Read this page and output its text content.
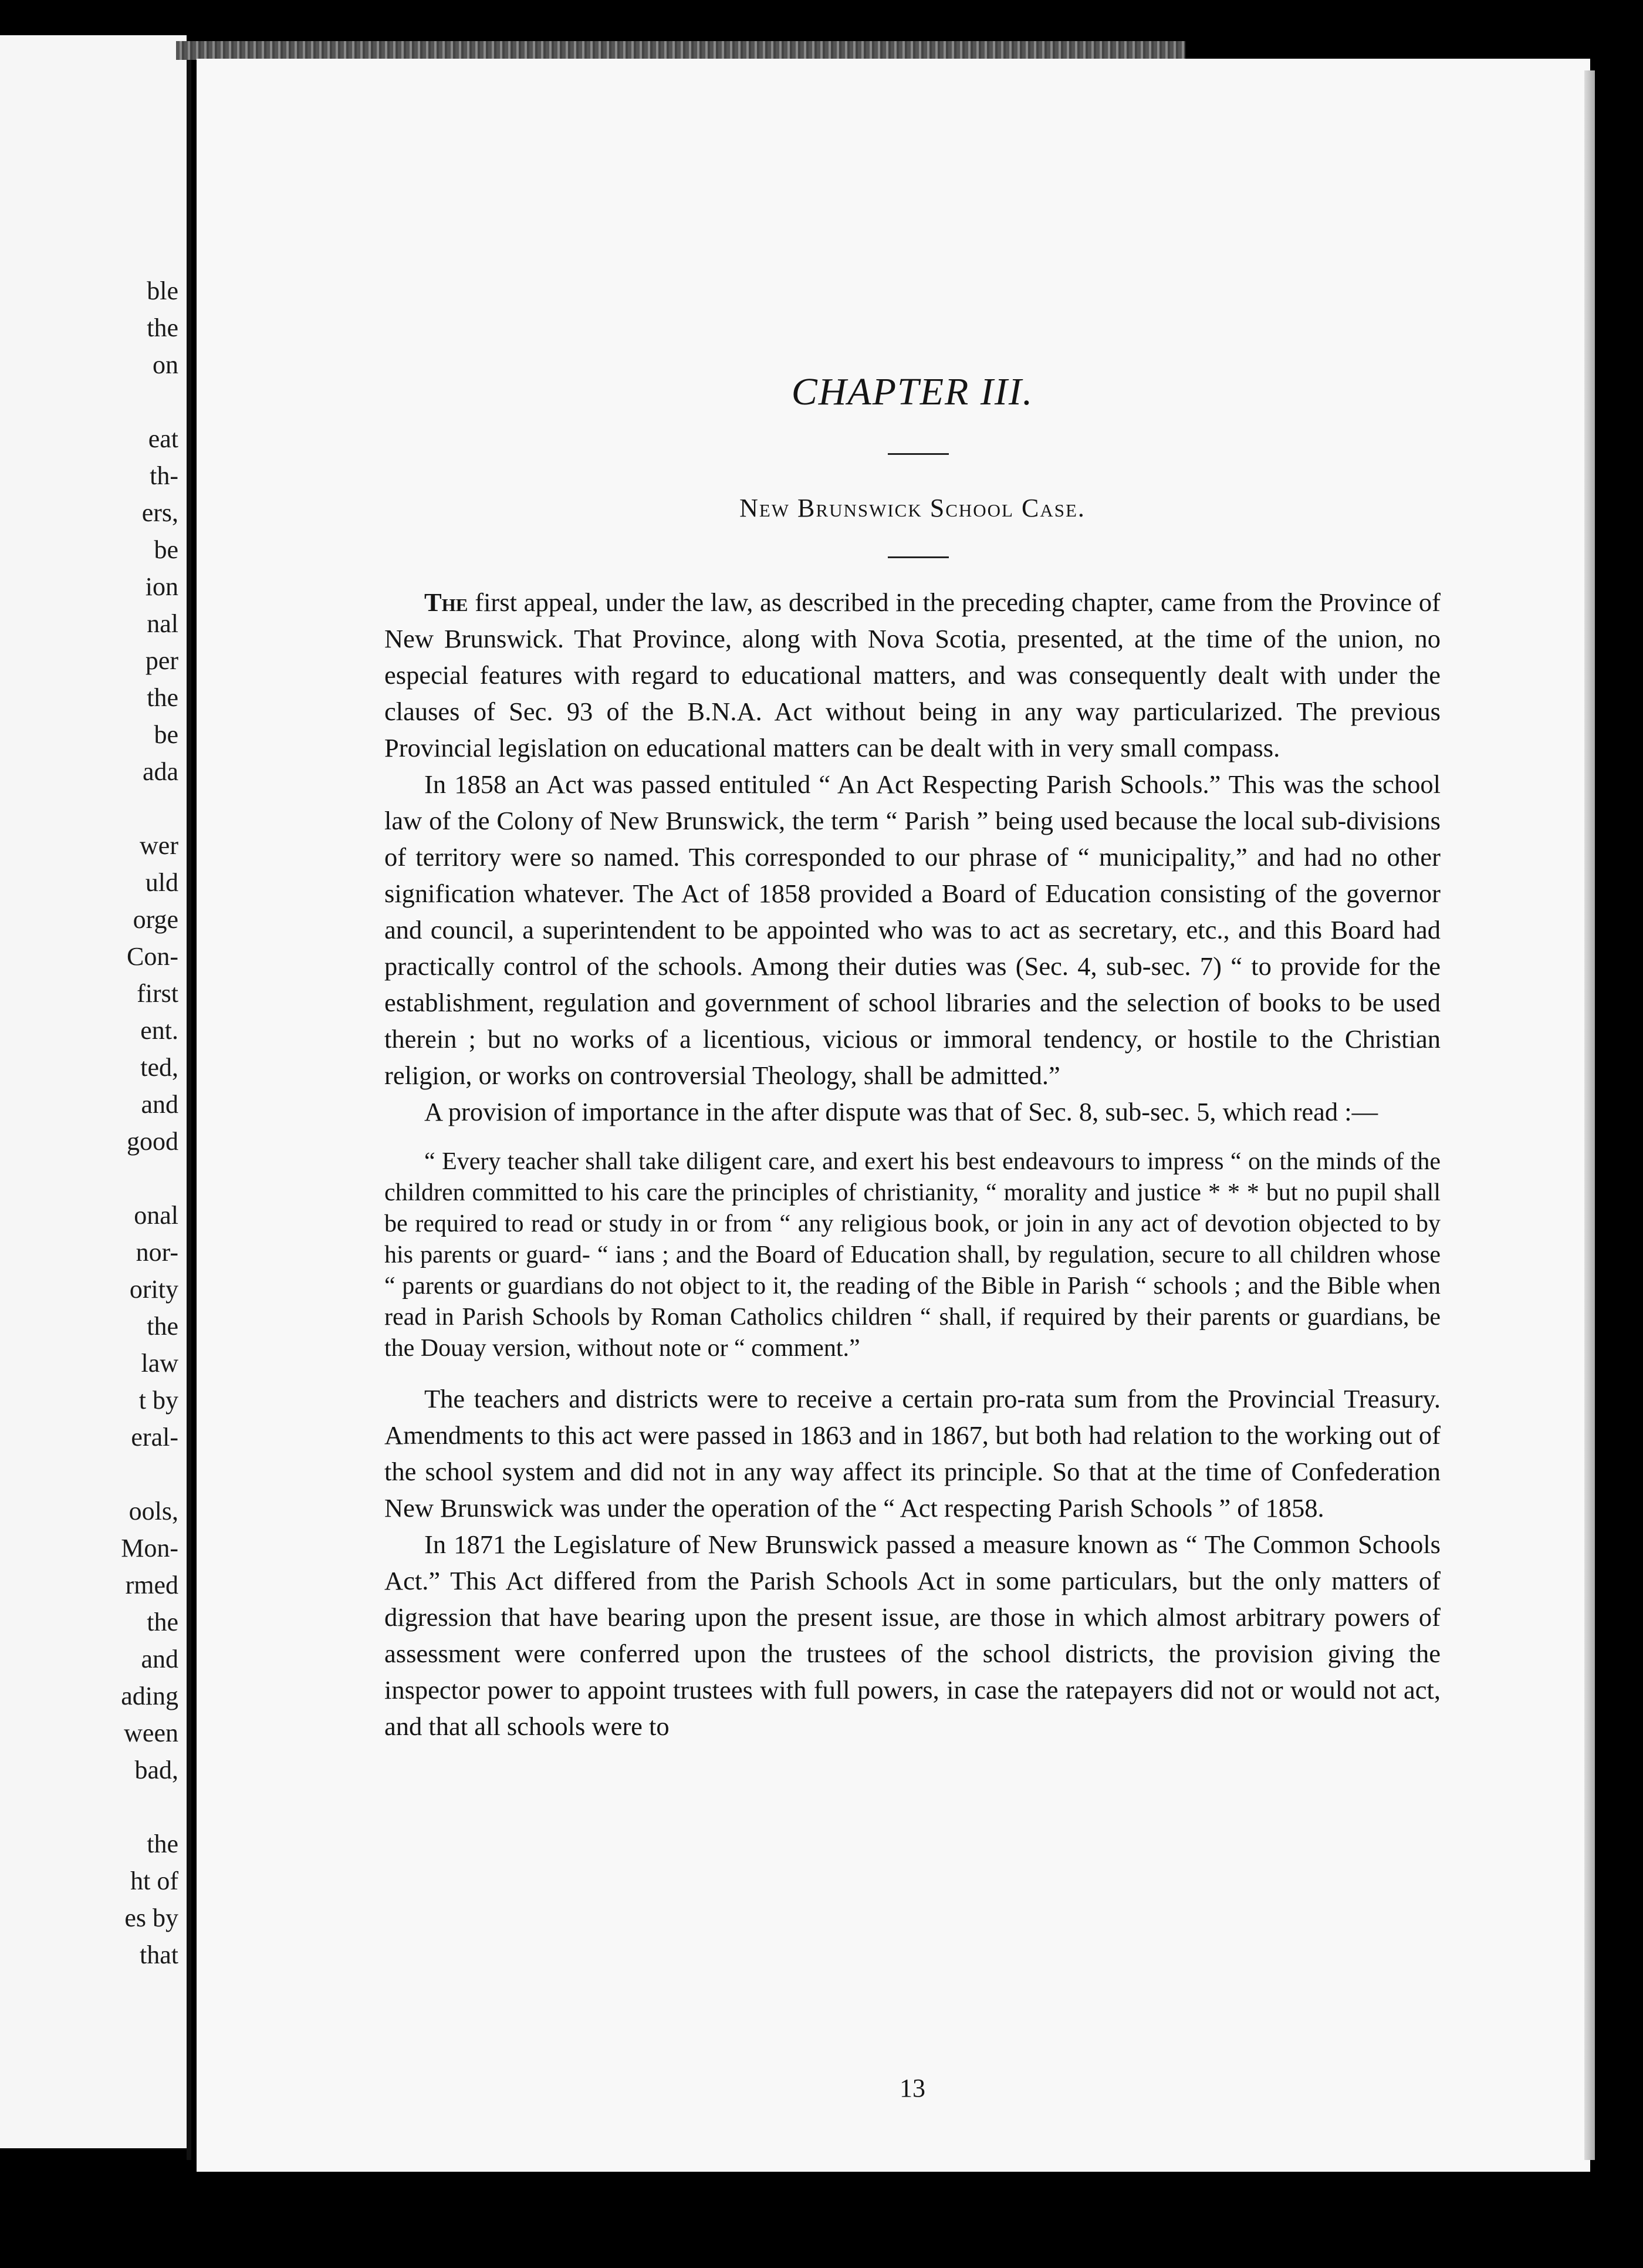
ble
the
on
eat
th-
ers,
be
ion
nal
per
the
be
ada
wer
uld
orge
Con-
first
ent.
ted,
and
good
onal
nor-
ority
the
law
t by
eral-
ools,
Mon-
rmed
the
and
ading
ween
bad,
the
ht of
es by
that
CHAPTER III.
New Brunswick School Case.

The first appeal, under the law, as described in the preceding chapter, came from the Province of New Brunswick. That Province, along with Nova Scotia, presented, at the time of the union, no especial features with regard to educational matters, and was consequently dealt with under the clauses of Sec. 93 of the B.N.A. Act without being in any way particularized. The previous Provincial legislation on educational matters can be dealt with in very small compass.

In 1858 an Act was passed entituled “ An Act Respecting Parish Schools.” This was the school law of the Colony of New Brunswick, the term “ Parish ” being used because the local sub-divisions of territory were so named. This corresponded to our phrase of “ municipality,” and had no other signification whatever. The Act of 1858 provided a Board of Education consisting of the governor and council, a superintendent to be appointed who was to act as secretary, etc., and this Board had practically control of the schools. Among their duties was (Sec. 4, sub-sec. 7) “ to provide for the establishment, regulation and government of school libraries and the selection of books to be used therein ; but no works of a licentious, vicious or immoral tendency, or hostile to the Christian religion, or works on controversial Theology, shall be admitted.”

A provision of importance in the after dispute was that of Sec. 8, sub-sec. 5, which read :—

“ Every teacher shall take diligent care, and exert his best endeavours to impress “ on the minds of the children committed to his care the principles of christianity, “ morality and justice * * * but no pupil shall be required to read or study in or from “ any religious book, or join in any act of devotion objected to by his parents or guard- “ ians ; and the Board of Education shall, by regulation, secure to all children whose “ parents or guardians do not object to it, the reading of the Bible in Parish “ schools ; and the Bible when read in Parish Schools by Roman Catholics children “ shall, if required by their parents or guardians, be the Douay version, without note or “ comment.”

The teachers and districts were to receive a certain pro-rata sum from the Provincial Treasury. Amendments to this act were passed in 1863 and in 1867, but both had relation to the working out of the school system and did not in any way affect its principle. So that at the time of Confederation New Brunswick was under the operation of the “ Act respecting Parish Schools ” of 1858.

In 1871 the Legislature of New Brunswick passed a measure known as “ The Common Schools Act.” This Act differed from the Parish Schools Act in some particulars, but the only matters of digression that have bearing upon the present issue, are those in which almost arbitrary powers of assessment were conferred upon the trustees of the school districts, the provision giving the inspector power to appoint trustees with full powers, in case the ratepayers did not or would not act, and that all schools were to

13
